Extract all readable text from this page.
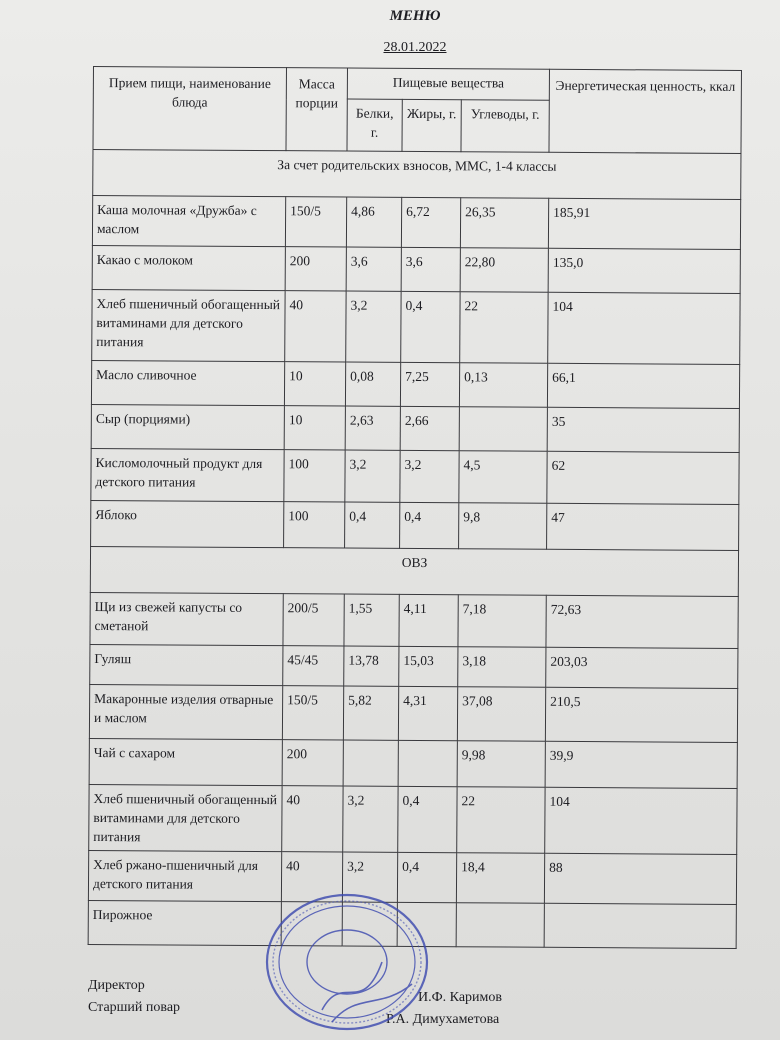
МЕНЮ
28.01.2022
Прием пищи, наименование блюда	Масса порции	Пищевые вещества			Энергетическая ценность, ккал
		Белки, г.	Жиры, г.	Углеводы, г.	
За счет родительских взносов, ММС, 1-4 классы					
Каша молочная «Дружба» с маслом	150/5	4,86	6,72	26,35	185,91
Какао с молоком	200	3,6	3,6	22,80	135,0
Хлеб пшеничный обогащенный витаминами для детского питания	40	3,2	0,4	22	104
Масло сливочное	10	0,08	7,25	0,13	66,1
Сыр (порциями)	10	2,63	2,66		35
Кисломолочный продукт для детского питания	100	3,2	3,2	4,5	62
Яблоко	100	0,4	0,4	9,8	47
ОВЗ					
Щи из свежей капусты со сметаной	200/5	1,55	4,11	7,18	72,63
Гуляш	45/45	13,78	15,03	3,18	203,03
Макаронные изделия отварные и маслом	150/5	5,82	4,31	37,08	210,5
Чай с сахаром	200			9,98	39,9
Хлеб пшеничный обогащенный витаминами для детского питания	40	3,2	0,4	22	104
Хлеб ржано-пшеничный для детского питания	40	3,2	0,4	18,4	88
Пирожное					
Директор
Старший повар
И.Ф. Каримов
Р.А. Димухаметова
